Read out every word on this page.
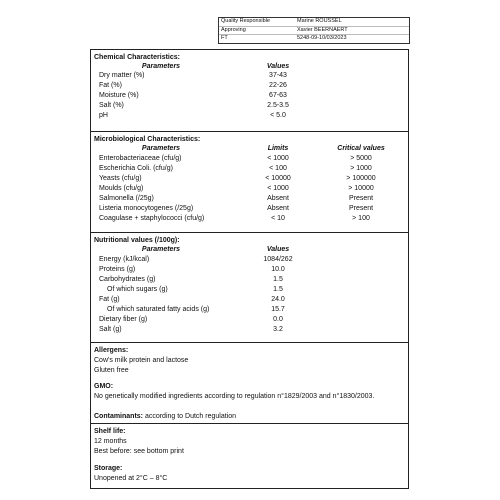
Quality Responsible	Marine ROUSSEL
Approving	Xavier BEERNAERT
FT	5248-09-10/03/2023
Chemical Characteristics:
Parameters	Values
Dry matter (%)	37-43
Fat (%)	22-26
Moisture (%)	67-63
Salt (%)	2.5-3.5
pH	< 5.0
Microbiological Characteristics:
Parameters	Limits	Critical values
Enterobacteriaceae (cfu/g)	< 1000	> 5000
Escherichia Coli. (cfu/g)	< 100	> 1000
Yeasts (cfu/g)	< 10000	> 100000
Moulds (cfu/g)	< 1000	> 10000
Salmonella (/25g)	Absent	Present
Listeria monocytogenes (/25g)	Absent	Present
Coagulase + staphylococci (cfu/g)	< 10	> 100
Nutritional values (/100g):
Parameters	Values
Energy (kJ/kcal)	1084/262
Proteins (g)	10.0
Carbohydrates (g)	1.5
Of which sugars (g)	1.5
Fat (g)	24.0
Of which saturated fatty acids (g)	15.7
Dietary fiber (g)	0.0
Salt (g)	3.2
Allergens:
Cow's milk protein and lactose
Gluten free
GMO:
No genetically modified ingredients according to regulation n°1829/2003 and n°1830/2003.
Contaminants: according to Dutch regulation
Shelf life:
12 months
Best before: see bottom print
Storage:
Unopened at 2°C – 8°C
